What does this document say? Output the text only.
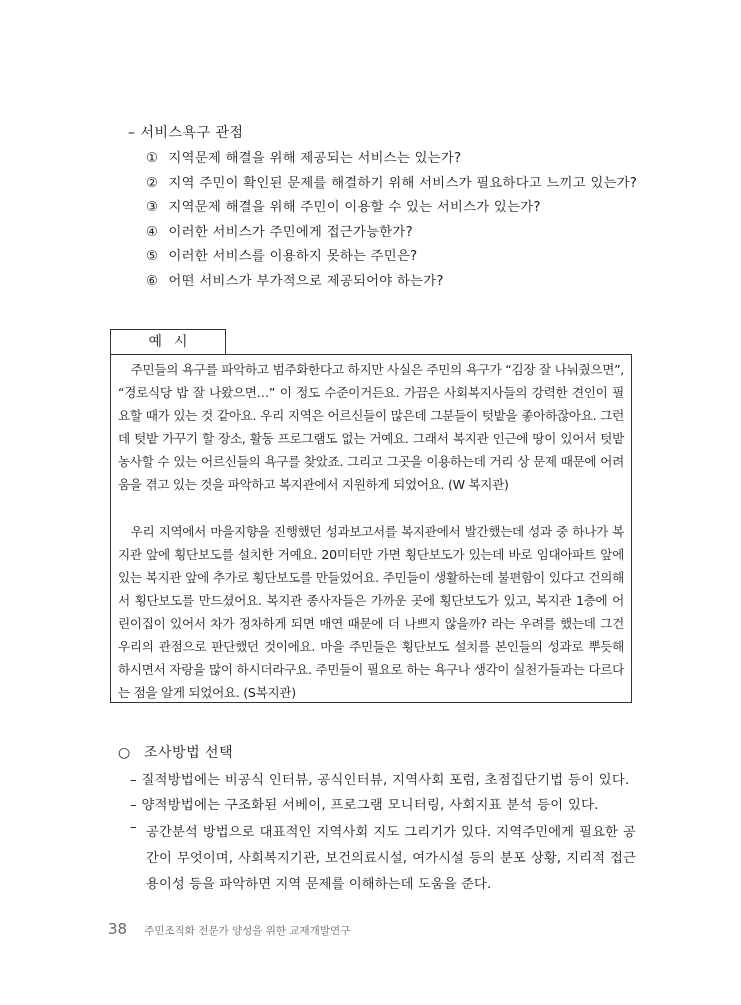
– 서비스욕구 관점
① 지역문제 해결을 위해 제공되는 서비스는 있는가?
② 지역 주민이 확인된 문제를 해결하기 위해 서비스가 필요하다고 느끼고 있는가?
③ 지역문제 해결을 위해 주민이 이용할 수 있는 서비스가 있는가?
④ 이러한 서비스가 주민에게 접근가능한가?
⑤ 이러한 서비스를 이용하지 못하는 주민은?
⑥ 어떤 서비스가 부가적으로 제공되어야 하는가?
예시

주민들의 욕구를 파악하고 범주화한다고 하지만 사실은 주민의 욕구가 “김장 잘 나눠줬으면”, “경로식당 밥 잘 나왔으면…” 이 정도 수준이거든요. 가끔은 사회복지사들의 강력한 견인이 필요할 때가 있는 것 같아요. 우리 지역은 어르신들이 많은데 그분들이 텃밭을 좋아하잖아요. 그런데 텃밭 가꾸기 할 장소, 활동 프로그램도 없는 거예요. 그래서 복지관 인근에 땅이 있어서 텃밭 농사할 수 있는 어르신들의 욕구를 찾았죠. 그리고 그곳을 이용하는데 거리 상 문제 때문에 어려움을 겪고 있는 것을 파악하고 복지관에서 지원하게 되었어요. (W 복지관)

우리 지역에서 마을지향을 진행했던 성과보고서를 복지관에서 발간했는데 성과 중 하나가 복지관 앞에 횡단보도를 설치한 거예요. 20미터만 가면 횡단보도가 있는데 바로 임대아파트 앞에 있는 복지관 앞에 추가로 횡단보도를 만들었어요. 주민들이 생활하는데 불편함이 있다고 건의해서 횡단보도를 만드셨어요. 복지관 종사자들은 가까운 곳에 횡단보도가 있고, 복지관 1층에 어린이집이 있어서 차가 정차하게 되면 매연 때문에 더 나쁘지 않을까? 라는 우려를 했는데 그건 우리의 관점으로 판단했던 것이에요. 마을 주민들은 횡단보도 설치를 본인들의 성과로 뿌듯해 하시면서 자랑을 많이 하시더라구요. 주민들이 필요로 하는 욕구나 생각이 실천가들과는 다르다는 점을 알게 되었어요. (S복지관)

○ 조사방법 선택
– 질적방법에는 비공식 인터뷰, 공식인터뷰, 지역사회 포럼, 초점집단기법 등이 있다.
– 양적방법에는 구조화된 서베이, 프로그램 모니터링, 사회지표 분석 등이 있다.
– 공간분석 방법으로 대표적인 지역사회 지도 그리기가 있다. 지역주민에게 필요한 공간이 무엇이며, 사회복지기관, 보건의료시설, 여가시설 등의 분포 상황, 지리적 접근 용이성 등을 파악하면 지역 문제를 이해하는데 도움을 준다.
38 주민조직화 전문가 양성을 위한 교재개발연구
